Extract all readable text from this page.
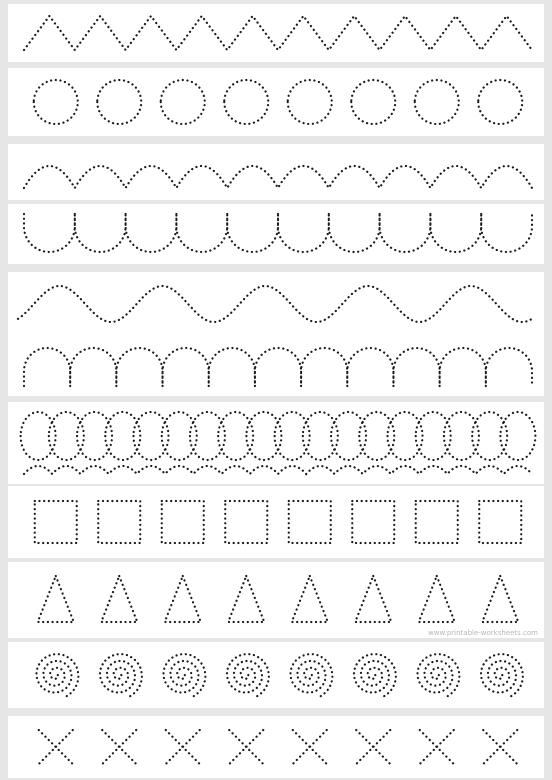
www.printable-worksheets.com
